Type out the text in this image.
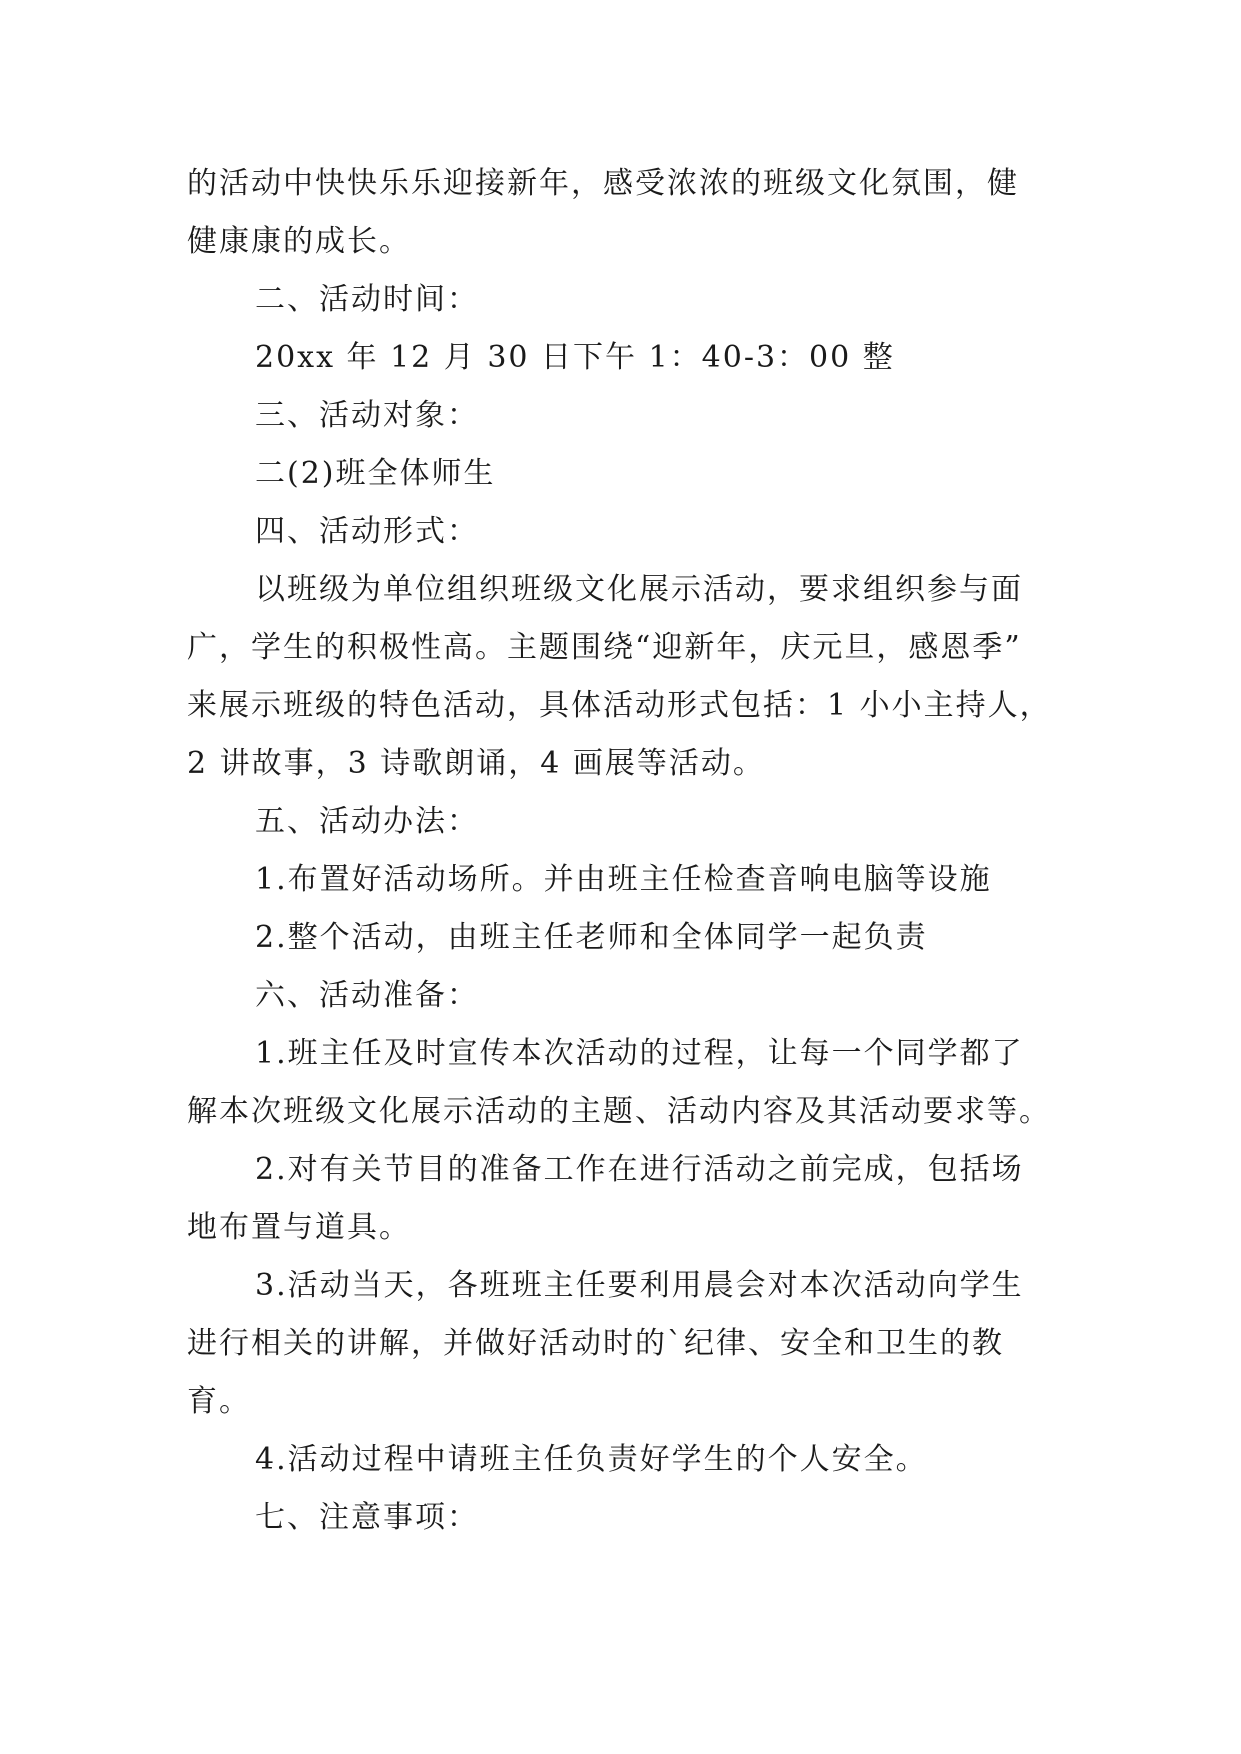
的活动中快快乐乐迎接新年，感受浓浓的班级文化氛围，健
健康康的成长。
二、活动时间：
20xx 年 12 月 30 日下午 1：40-3：00 整
三、活动对象：
二(2)班全体师生
四、活动形式：
以班级为单位组织班级文化展示活动，要求组织参与面
广，学生的积极性高。主题围绕“迎新年，庆元旦，感恩季”
来展示班级的特色活动，具体活动形式包括：1 小小主持人，
2 讲故事，3 诗歌朗诵，4 画展等活动。
五、活动办法：
1.布置好活动场所。并由班主任检查音响电脑等设施
2.整个活动，由班主任老师和全体同学一起负责
六、活动准备：
1.班主任及时宣传本次活动的过程，让每一个同学都了
解本次班级文化展示活动的主题、活动内容及其活动要求等。
2.对有关节目的准备工作在进行活动之前完成，包括场
地布置与道具。
3.活动当天，各班班主任要利用晨会对本次活动向学生
进行相关的讲解，并做好活动时的`纪律、安全和卫生的教
育。
4.活动过程中请班主任负责好学生的个人安全。
七、注意事项：
